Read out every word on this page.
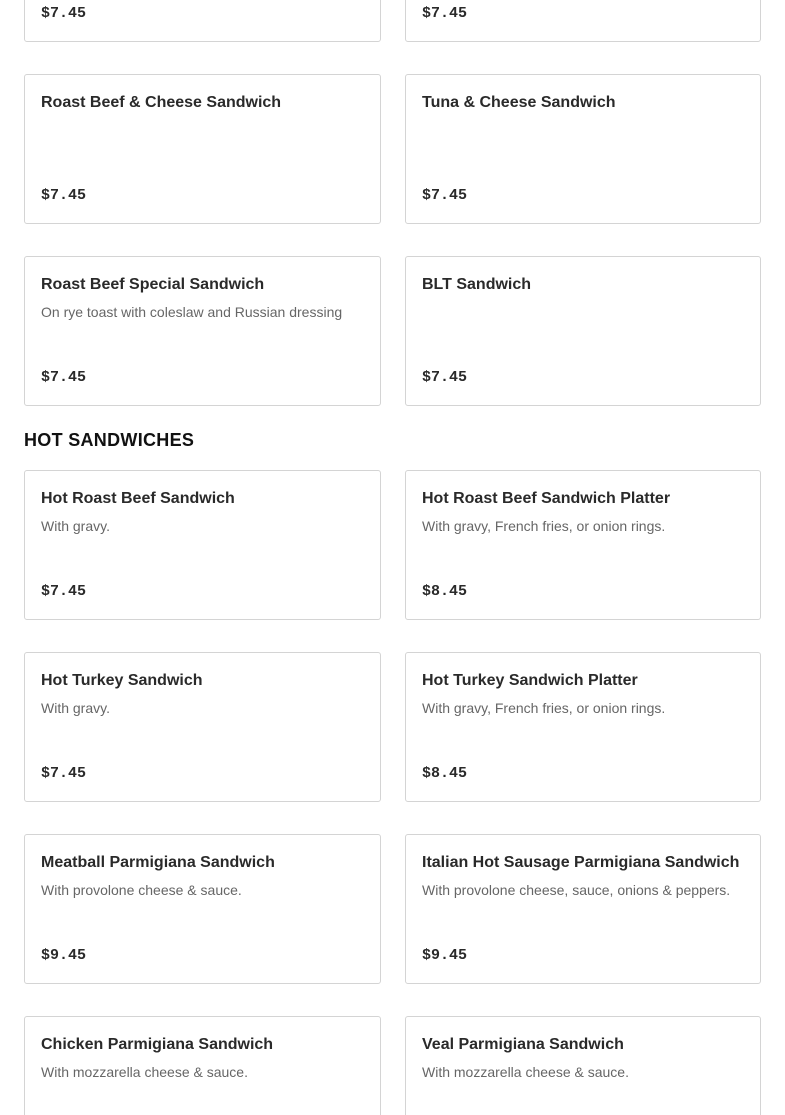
$7.45	$7.45
Roast Beef & Cheese Sandwich
$7.45
Tuna & Cheese Sandwich
$7.45
Roast Beef Special Sandwich
On rye toast with coleslaw and Russian dressing
$7.45
BLT Sandwich
$7.45
HOT SANDWICHES
Hot Roast Beef Sandwich
With gravy.
$7.45
Hot Roast Beef Sandwich Platter
With gravy, French fries, or onion rings.
$8.45
Hot Turkey Sandwich
With gravy.
$7.45
Hot Turkey Sandwich Platter
With gravy, French fries, or onion rings.
$8.45
Meatball Parmigiana Sandwich
With provolone cheese & sauce.
$9.45
Italian Hot Sausage Parmigiana Sandwich
With provolone cheese, sauce, onions & peppers.
$9.45
Chicken Parmigiana Sandwich
With mozzarella cheese & sauce.
Veal Parmigiana Sandwich
With mozzarella cheese & sauce.
